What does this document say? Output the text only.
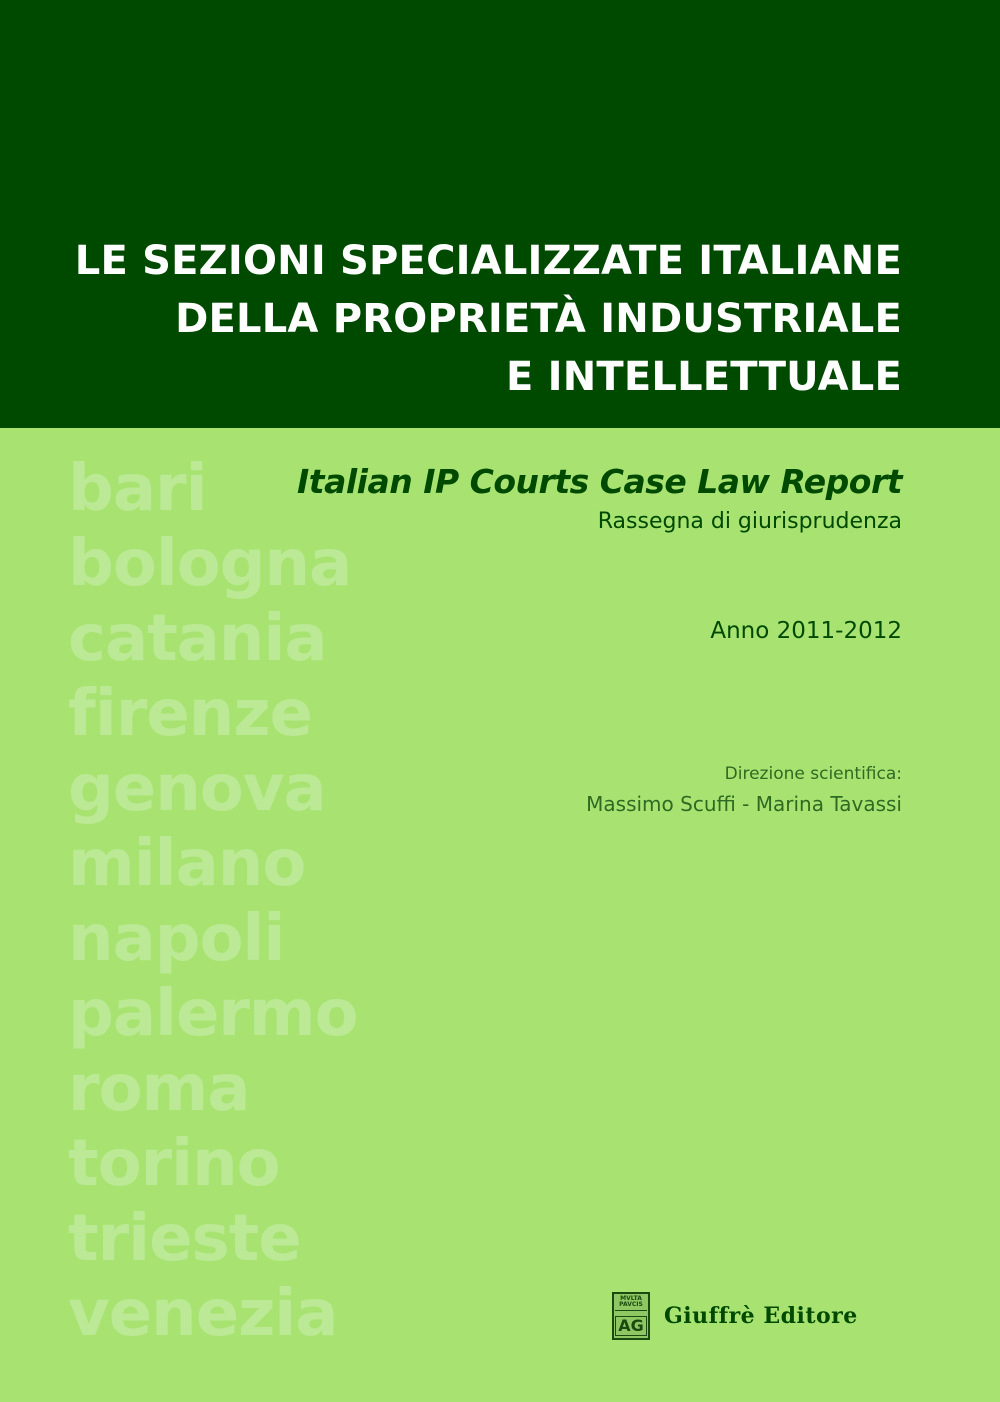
LE SEZIONI SPECIALIZZATE ITALIANE
DELLA PROPRIETÀ INDUSTRIALE
E INTELLETTUALE
bari
bologna
catania
firenze
genova
milano
napoli
palermo
roma
torino
trieste
venezia
Italian IP Courts Case Law Report

Rassegna di giurisprudenza

Anno 2011-2012

Direzione scientifica:

Massimo Scuffi - Marina Tavassi

MVLTA PAVCIS
AG Giuffrè Editore
